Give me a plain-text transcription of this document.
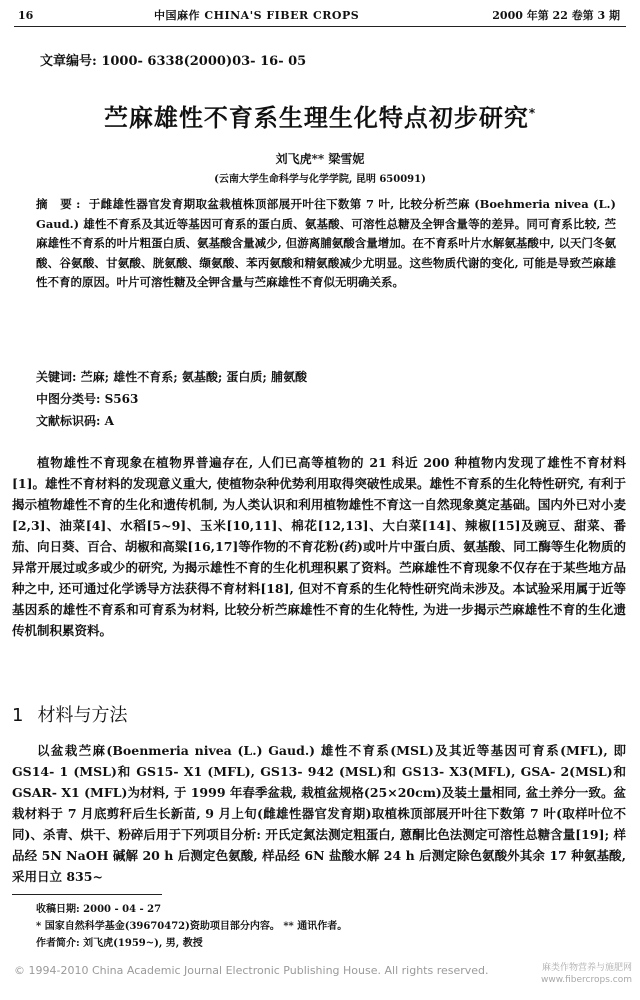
16	中国麻作 CHINA'S FIBER CROPS	2000 年第 22 卷第 3 期
文章编号: 1000- 6338(2000)03- 16- 05
苎麻雄性不育系生理生化特点初步研究*
刘飞虎** 梁雪妮
(云南大学生命科学与化学学院, 昆明 650091)
摘 要: 于雌雄性器官发育期取盆栽植株顶部展开叶往下数第 7 叶, 比较分析苎麻 (Boehmeria nivea (L.) Gaud.) 雄性不育系及其近等基因可育系的蛋白质、氨基酸、可溶性总糖及全钾含量等的差异。同可育系比较, 苎麻雄性不育系的叶片粗蛋白质、氨基酸含量减少, 但游离脯氨酸含量增加。在不育系叶片水解氨基酸中, 以天门冬氨酸、谷氨酸、甘氨酸、胱氨酸、缬氨酸、苯丙氨酸和精氨酸减少尤明显。这些物质代谢的变化, 可能是导致苎麻雄性不育的原因。叶片可溶性糖及全钾含量与苎麻雄性不育似无明确关系。
关键词: 苎麻; 雄性不育系; 氨基酸; 蛋白质; 脯氨酸
中图分类号: S563
文献标识码: A
植物雄性不育现象在植物界普遍存在, 人们已高等植物的 21 科近 200 种植物内发现了雄性不育材料[1]。雄性不育材料的发现意义重大, 使植物杂种优势利用取得突破性成果。雄性不育系的生化特性研究, 有利于揭示植物雄性不育的生化和遗传机制, 为人类认识和利用植物雄性不育这一自然现象奠定基础。国内外已对小麦[2,3]、油菜[4]、水稻[5~9]、玉米[10,11]、棉花[12,13]、大白菜[14]、辣椒[15]及豌豆、甜菜、番茄、向日葵、百合、胡椒和高粱[16,17]等作物的不育花粉(药)或叶片中蛋白质、氨基酸、同工酶等生化物质的异常开展过或多或少的研究, 为揭示雄性不育的生化机理积累了资料。苎麻雄性不育现象不仅存在于某些地方品种之中, 还可通过化学诱导方法获得不育材料[18], 但对不育系的生化特性研究尚未涉及。本试验采用属于近等基因系的雄性不育系和可育系为材料, 比较分析苎麻雄性不育的生化特性, 为进一步揭示苎麻雄性不育的生化遗传机制积累资料。
1 材料与方法
以盆栽苎麻(Boenmeria nivea (L.) Gaud.) 雄性不育系(MSL)及其近等基因可育系(MFL), 即 GS14- 1 (MSL)和 GS15- X1 (MFL), GS13- 942 (MSL)和 GS13- X3(MFL), GSA- 2(MSL)和 GSAR- X1 (MFL)为材料, 于 1999 年春季盆栽, 栽植盆规格(25×20cm)及装土量相同, 盆土养分一致。盆栽材料于 7 月底剪秆后生长新苗, 9 月上旬(雌雄性器官发育期)取植株顶部展开叶往下数第 7 叶(取样叶位不同)、杀青、烘干、粉碎后用于下列项目分析: 开氏定氮法测定粗蛋白, 蒽酮比色法测定可溶性总糖含量[19]; 样品经 5N NaOH 碱解 20 h 后测定色氨酸, 样品经 6N 盐酸水解 24 h 后测定除色氨酸外其余 17 种氨基酸, 采用日立 835~
收稿日期: 2000 - 04 - 27
* 国家自然科学基金(39670472)资助项目部分内容。 ** 通讯作者。
作者简介: 刘飞虎(1959~), 男, 教授
© 1994-2010 China Academic Journal Electronic Publishing House. All rights reserved.	麻类作物营养与施肥网
www.fibercrops.com
